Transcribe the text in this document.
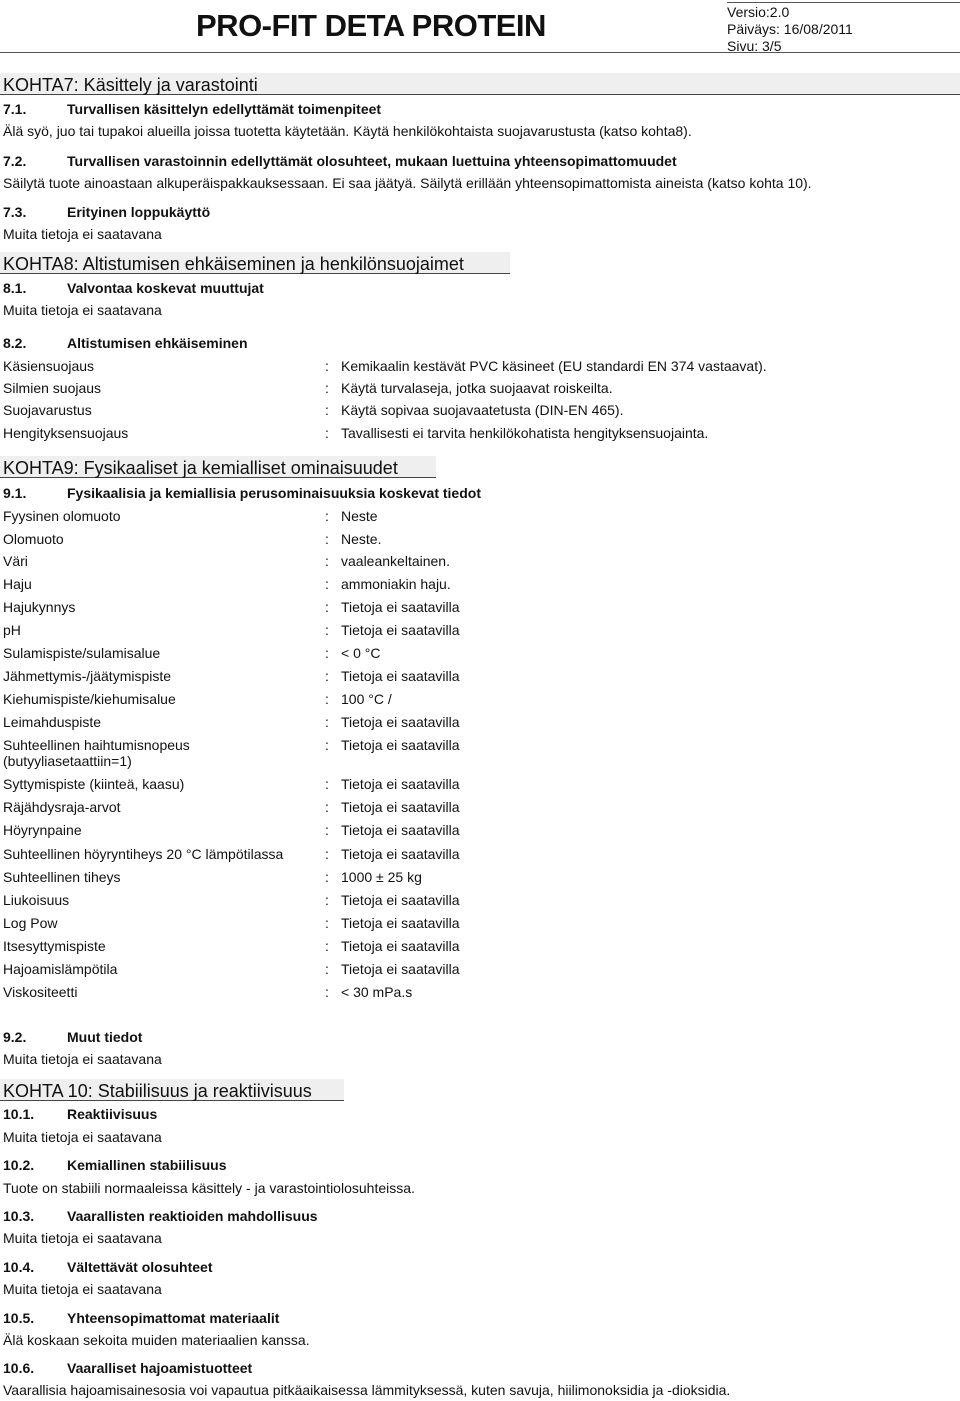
PRO-FIT DETA PROTEIN	Versio:2.0
Päiväys: 16/08/2011
Sivu: 3/5
KOHTA7: Käsittely ja varastointi
7.1.	Turvallisen käsittelyn edellyttämät toimenpiteet
Älä syö, juo tai tupakoi alueilla joissa tuotetta käytetään. Käytä henkilökohtaista suojavarustusta (katso kohta8).
7.2.	Turvallisen varastoinnin edellyttämät olosuhteet, mukaan luettuina yhteensopimattomuudet
Säilytä tuote ainoastaan alkuperäispakkauksessaan. Ei saa jäätyä. Säilytä erillään yhteensopimattomista aineista (katso kohta 10).
7.3.	Erityinen loppukäyttö
Muita tietoja ei saatavana
KOHTA8: Altistumisen ehkäiseminen ja henkilönsuojaimet
8.1.	Valvontaa koskevat muuttujat
Muita tietoja ei saatavana
8.2.	Altistumisen ehkäiseminen
Käsiensuojaus	: Kemikaalin kestävät PVC käsineet (EU standardi EN 374 vastaavat).
Silmien suojaus	: Käytä turvalaseja, jotka suojaavat roiskeilta.
Suojavarustus	: Käytä sopivaa suojavaatetusta (DIN-EN 465).
Hengityksensuojaus	: Tavallisesti ei tarvita henkilökohatista hengityksensuojainta.
KOHTA9: Fysikaaliset ja kemialliset ominaisuudet
9.1.	Fysikaalisia ja kemiallisia perusominaisuuksia koskevat tiedot
Fyysinen olomuoto	: Neste
Olomuoto	: Neste.
Väri	: vaaleankeltainen.
Haju	: ammoniakin haju.
Hajukynnys	: Tietoja ei saatavilla
pH	: Tietoja ei saatavilla
Sulamispiste/sulamisalue	: < 0 °C
Jähmettymis-/jäätymispiste	: Tietoja ei saatavilla
Kiehumispiste/kiehumisalue	: 100 °C /
Leimahduspiste	: Tietoja ei saatavilla
Suhteellinen haihtumisnopeus
(butyyliasetaattiin=1)
: Tietoja ei saatavilla
Syttymispiste (kiinteä, kaasu)	: Tietoja ei saatavilla
Räjähdysraja-arvot	: Tietoja ei saatavilla
Höyrynpaine	: Tietoja ei saatavilla
Suhteellinen höyryntiheys 20 °C lämpötilassa	: Tietoja ei saatavilla
Suhteellinen tiheys	: 1000 ± 25 kg
Liukoisuus	: Tietoja ei saatavilla
Log Pow	: Tietoja ei saatavilla
Itsesyttymispiste	: Tietoja ei saatavilla
Hajoamislämpötila	: Tietoja ei saatavilla
Viskositeetti	: < 30 mPa.s
9.2.	Muut tiedot
Muita tietoja ei saatavana
KOHTA 10: Stabiilisuus ja reaktiivisuus
10.1. Reaktiivisuus
Muita tietoja ei saatavana
10.2. Kemiallinen stabiilisuus
Tuote on stabiili normaaleissa käsittely - ja varastointiolosuhteissa.
10.3. Vaarallisten reaktioiden mahdollisuus
Muita tietoja ei saatavana
10.4. Vältettävät olosuhteet
Muita tietoja ei saatavana
10.5. Yhteensopimattomat materiaalit
Älä koskaan sekoita muiden materiaalien kanssa.
10.6. Vaaralliset hajoamistuotteet
Vaarallisia hajoamisainesosia voi vapautua pitkäaikaisessa lämmityksessä, kuten savuja, hiilimonoksidia ja -dioksidia.
